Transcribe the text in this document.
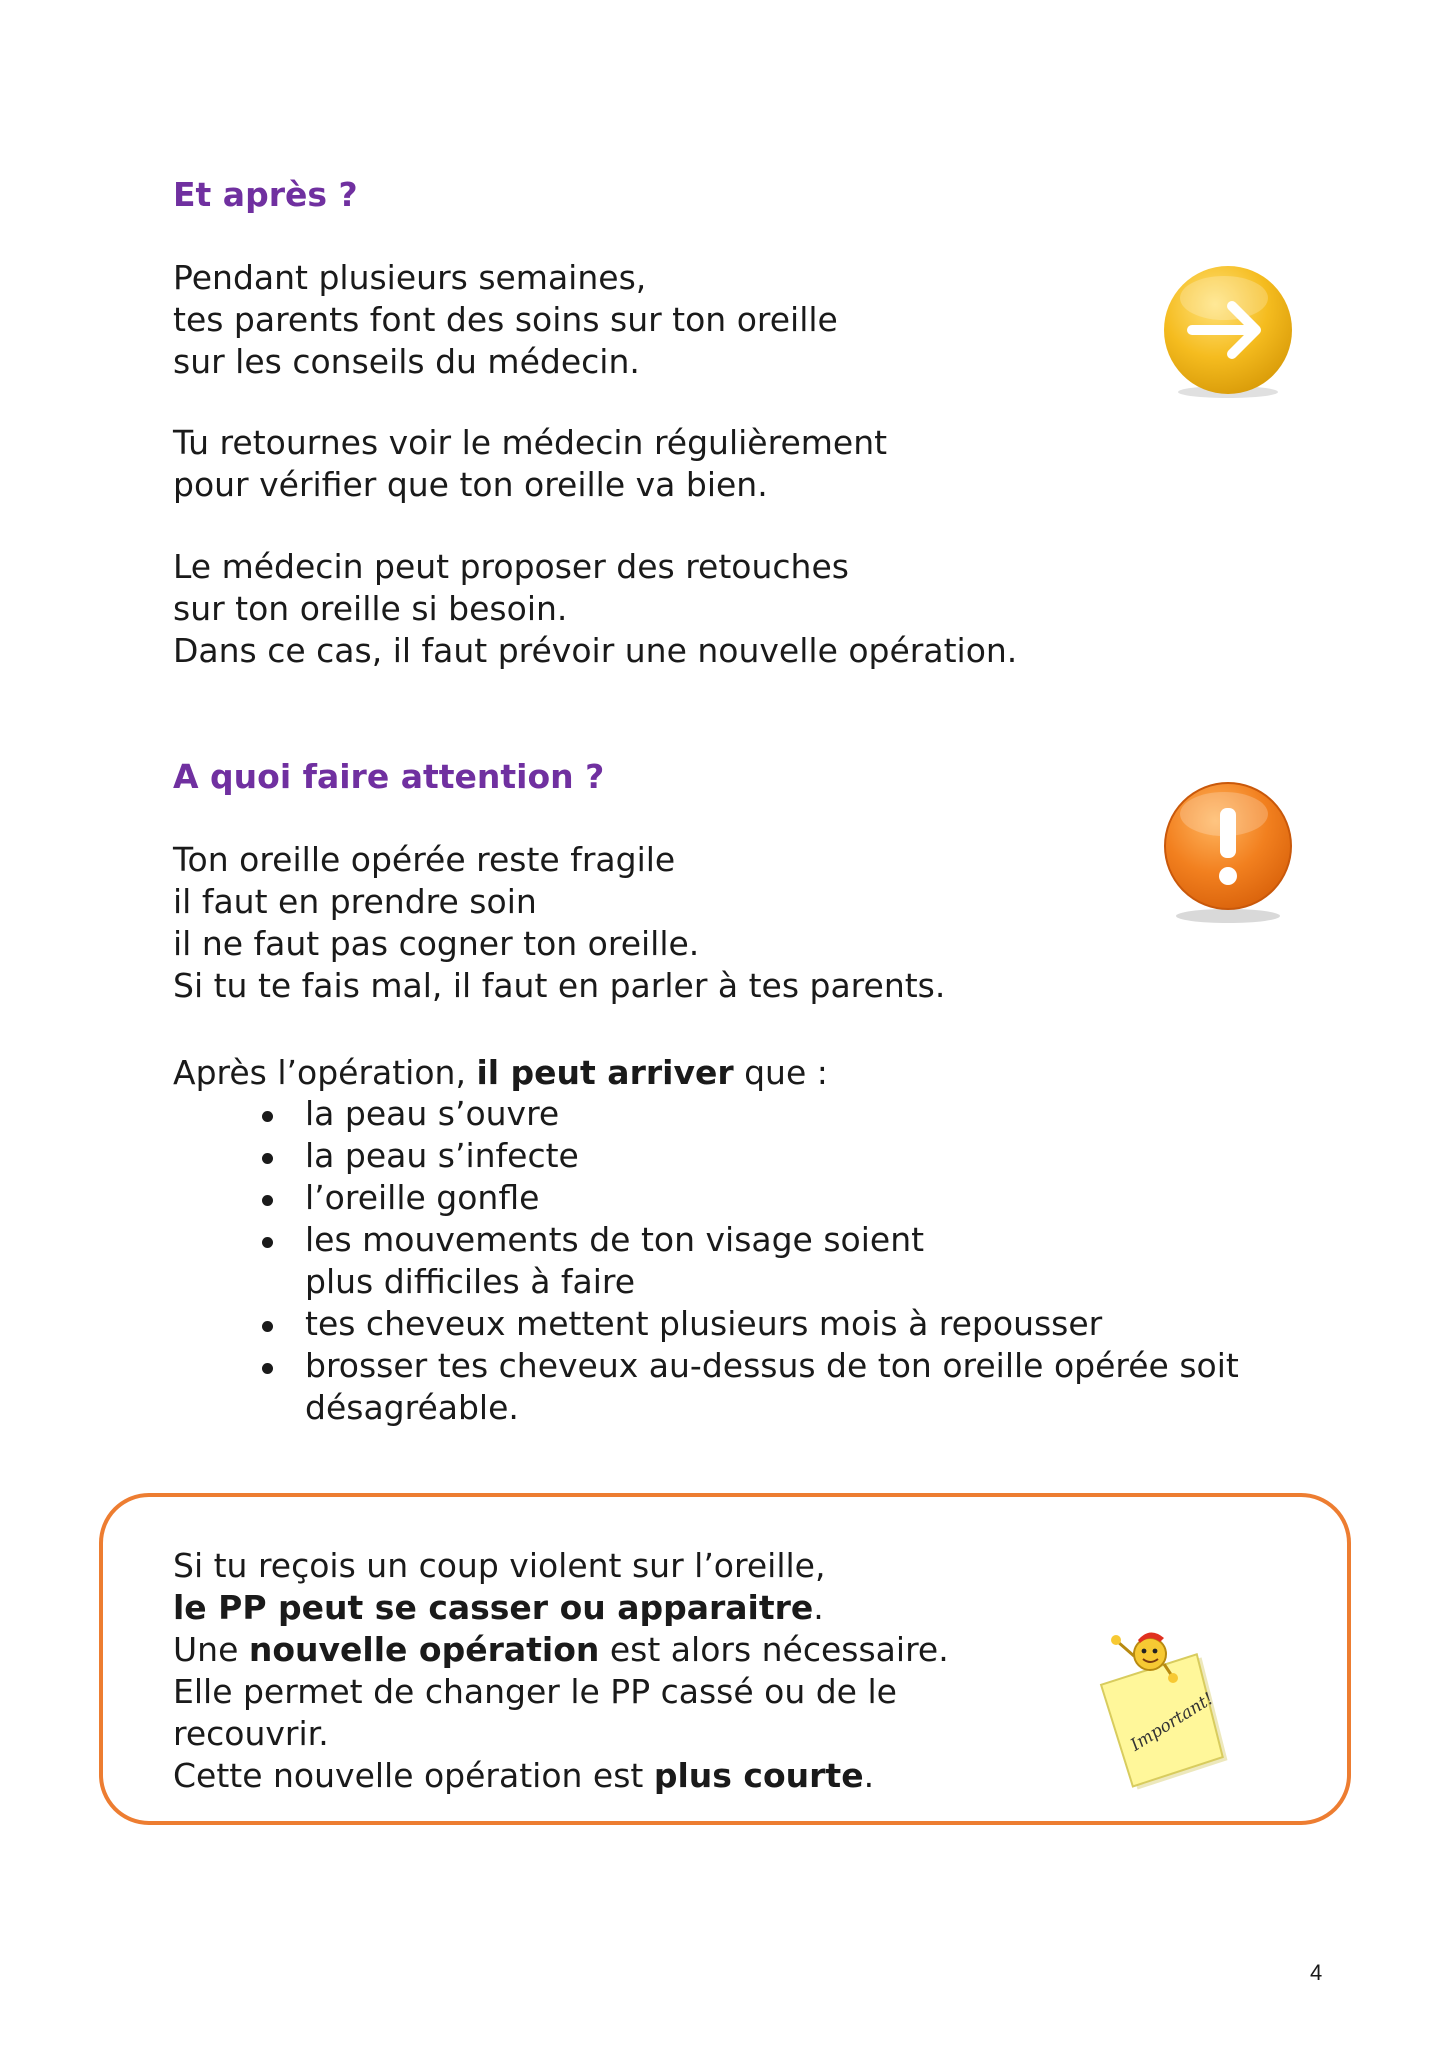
Et après ?

Pendant plusieurs semaines,
tes parents font des soins sur ton oreille
sur les conseils du médecin.

Tu retournes voir le médecin régulièrement
pour vérifier que ton oreille va bien.

Le médecin peut proposer des retouches
sur ton oreille si besoin.
Dans ce cas, il faut prévoir une nouvelle opération.

A quoi faire attention ?

Ton oreille opérée reste fragile
il faut en prendre soin
il ne faut pas cogner ton oreille.
Si tu te fais mal, il faut en parler à tes parents.

Après l’opération, il peut arriver que :

la peau s’ouvre
la peau s’infecte
l’oreille gonfle
les mouvements de ton visage soient
plus difficiles à faire
tes cheveux mettent plusieurs mois à repousser
brosser tes cheveux au-dessus de ton oreille opérée soit
désagréable.

Si tu reçois un coup violent sur l’oreille,
le PP peut se casser ou apparaitre.
Une nouvelle opération est alors nécessaire.
Elle permet de changer le PP cassé ou de le
recouvrir.
Cette nouvelle opération est plus courte.

Important!
4
